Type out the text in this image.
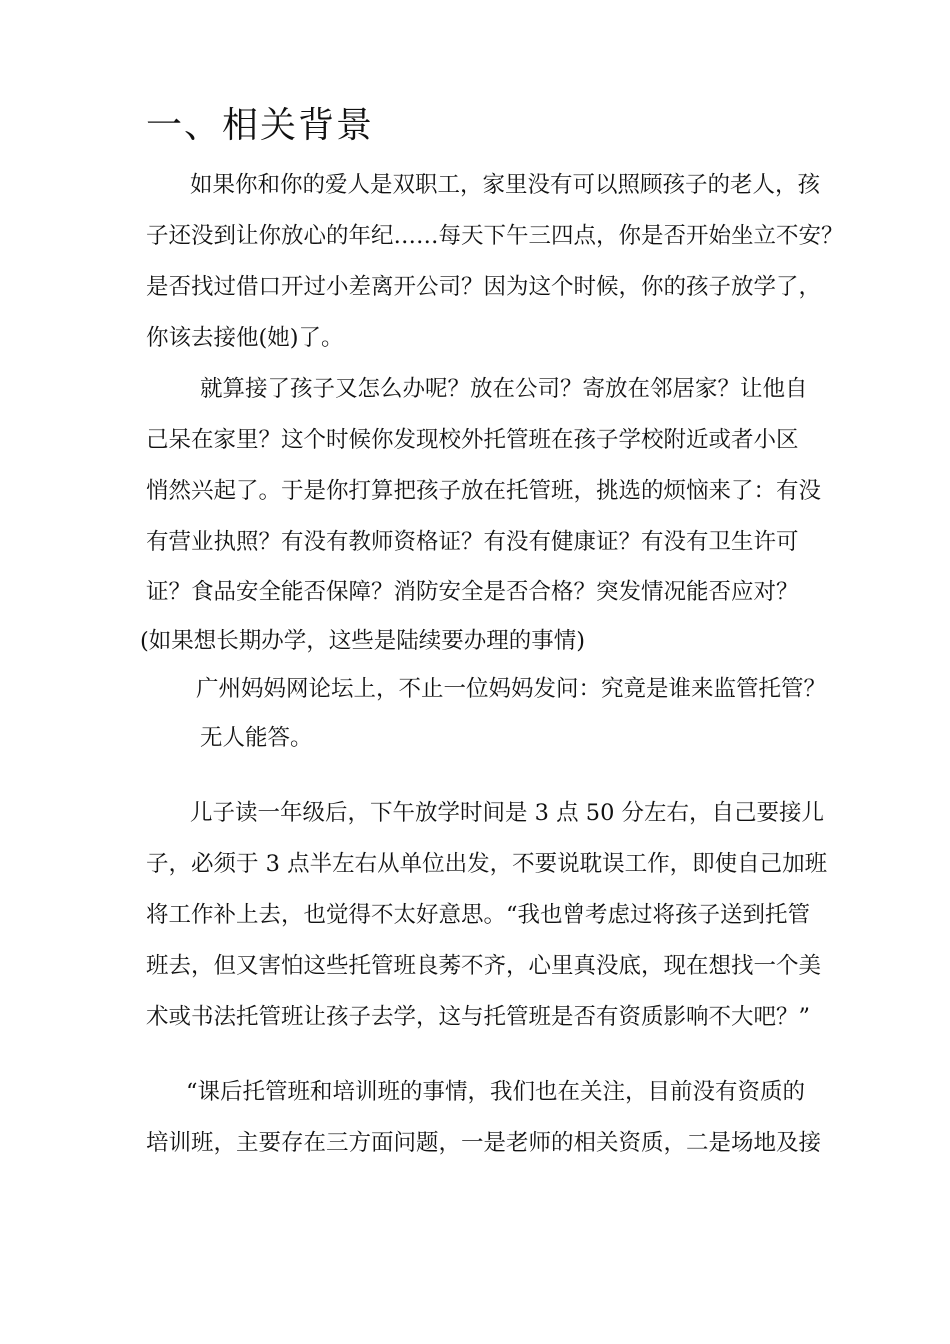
一、相关背景
如果你和你的爱人是双职工，家里没有可以照顾孩子的老人，孩
子还没到让你放心的年纪……每天下午三四点，你是否开始坐立不安？
是否找过借口开过小差离开公司？因为这个时候，你的孩子放学了，
你该去接他(她)了。
就算接了孩子又怎么办呢？放在公司？寄放在邻居家？让他自
己呆在家里？这个时候你发现校外托管班在孩子学校附近或者小区
悄然兴起了。于是你打算把孩子放在托管班，挑选的烦恼来了：有没
有营业执照？有没有教师资格证？有没有健康证？有没有卫生许可
证？食品安全能否保障？消防安全是否合格？突发情况能否应对？
(如果想长期办学，这些是陆续要办理的事情)
广州妈妈网论坛上，不止一位妈妈发问：究竟是谁来监管托管？
无人能答。
儿子读一年级后，下午放学时间是 3 点 50 分左右，自己要接儿
子，必须于 3 点半左右从单位出发，不要说耽误工作，即使自己加班
将工作补上去，也觉得不太好意思。“我也曾考虑过将孩子送到托管
班去，但又害怕这些托管班良莠不齐，心里真没底，现在想找一个美
术或书法托管班让孩子去学，这与托管班是否有资质影响不大吧？”
“课后托管班和培训班的事情，我们也在关注，目前没有资质的
培训班，主要存在三方面问题，一是老师的相关资质，二是场地及接
